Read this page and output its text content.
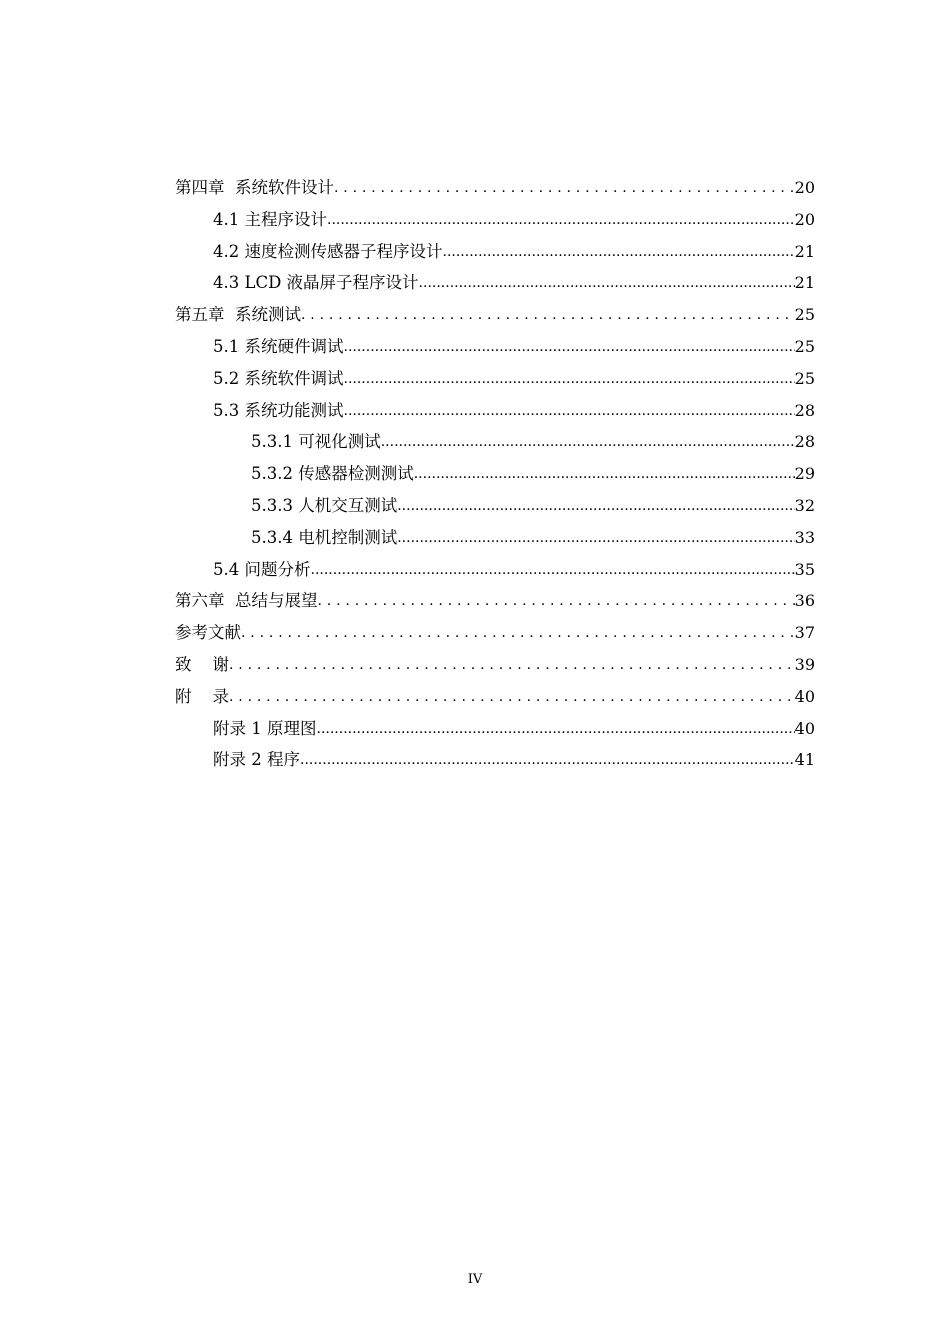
第四章  系统软件设计 . . .	20
4.1 主程序设计 .....	20
4.2 速度检测传感器子程序设计 .....	21
4.3 LCD 液晶屏子程序设计 .....	21
第五章  系统测试 . . .	25
5.1 系统硬件调试 .....	25
5.2 系统软件调试 .....	25
5.3 系统功能测试 .....	28
5.3.1 可视化测试 .....	28
5.3.2 传感器检测测试 .....	29
5.3.3 人机交互测试 .....	32
5.3.4 电机控制测试 .....	33
5.4 问题分析 .....	35
第六章  总结与展望 . . .	36
参考文献 . . .	37
致    谢 . . .	39
附    录 . . .	40
附录 1 原理图 .....	40
附录 2 程序 .....	41
IV
